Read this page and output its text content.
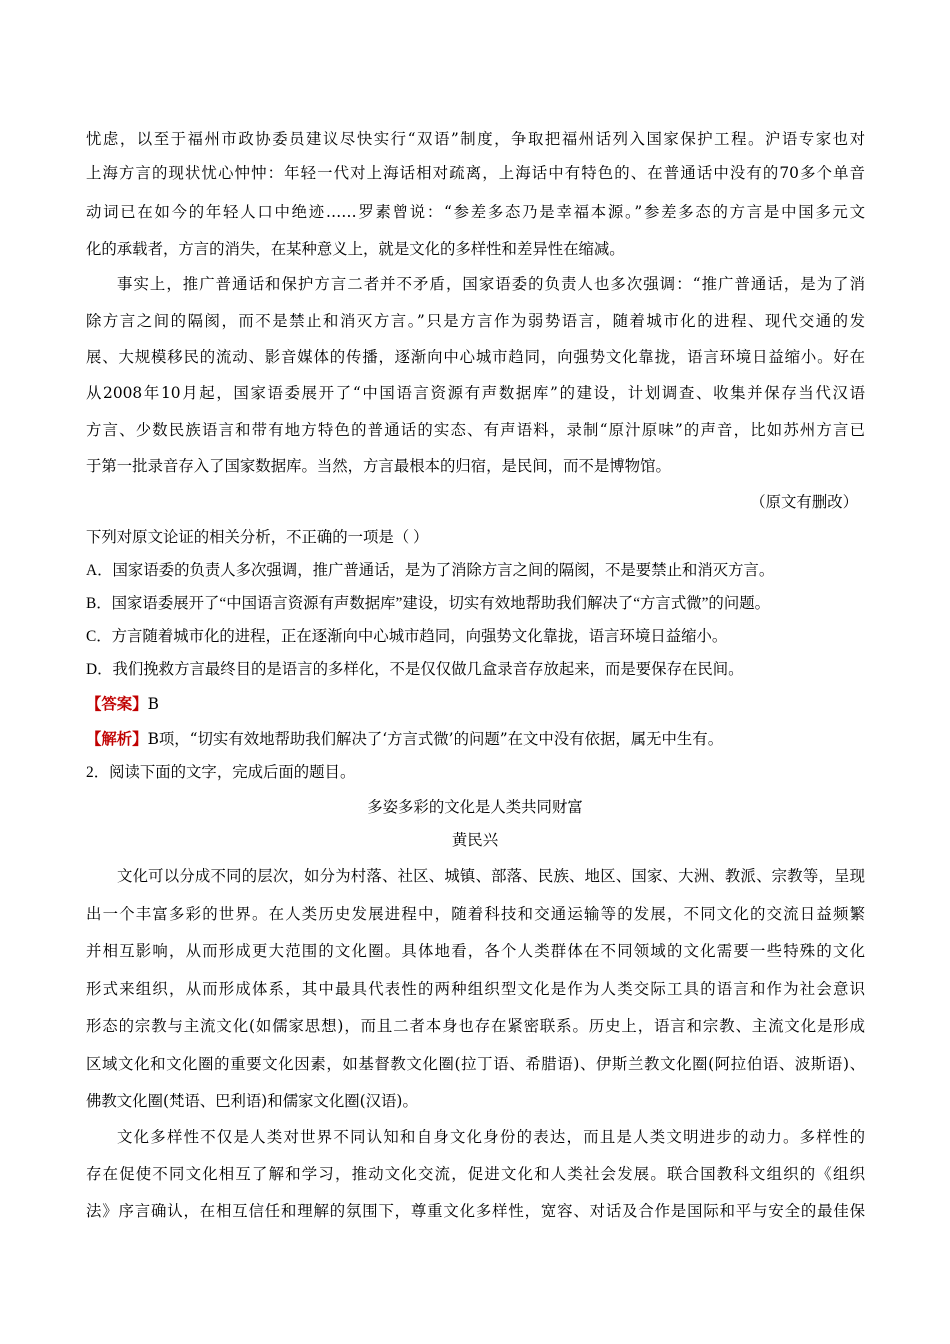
忧虑，以至于福州市政协委员建议尽快实行“双语”制度，争取把福州话列入国家保护工程。沪语专家也对
上海方言的现状忧心忡忡：年轻一代对上海话相对疏离，上海话中有特色的、在普通话中没有的70多个单音
动词已在如今的年轻人口中绝迹……罗素曾说：“参差多态乃是幸福本源。”参差多态的方言是中国多元文
化的承载者，方言的消失，在某种意义上，就是文化的多样性和差异性在缩减。
事实上，推广普通话和保护方言二者并不矛盾，国家语委的负责人也多次强调：“推广普通话，是为了消
除方言之间的隔阂，而不是禁止和消灭方言。”只是方言作为弱势语言，随着城市化的进程、现代交通的发
展、大规模移民的流动、影音媒体的传播，逐渐向中心城市趋同，向强势文化靠拢，语言环境日益缩小。好在
从2008年10月起，国家语委展开了“中国语言资源有声数据库”的建设，计划调查、收集并保存当代汉语
方言、少数民族语言和带有地方特色的普通话的实态、有声语料，录制“原汁原味”的声音，比如苏州方言已
于第一批录音存入了国家数据库。当然，方言最根本的归宿，是民间，而不是博物馆。
（原文有删改）
下列对原文论证的相关分析，不正确的一项是（ ）
A．国家语委的负责人多次强调，推广普通话，是为了消除方言之间的隔阂，不是要禁止和消灭方言。
B．国家语委展开了“中国语言资源有声数据库”建设，切实有效地帮助我们解决了“方言式微”的问题。
C．方言随着城市化的进程，正在逐渐向中心城市趋同，向强势文化靠拢，语言环境日益缩小。
D．我们挽救方言最终目的是语言的多样化，不是仅仅做几盒录音存放起来，而是要保存在民间。
【答案】B
【解析】B项，“切实有效地帮助我们解决了‘方言式微’的问题”在文中没有依据，属无中生有。
2．阅读下面的文字，完成后面的题目。
多姿多彩的文化是人类共同财富
黄民兴
文化可以分成不同的层次，如分为村落、社区、城镇、部落、民族、地区、国家、大洲、教派、宗教等，呈现
出一个丰富多彩的世界。在人类历史发展进程中，随着科技和交通运输等的发展，不同文化的交流日益频繁
并相互影响，从而形成更大范围的文化圈。具体地看，各个人类群体在不同领域的文化需要一些特殊的文化
形式来组织，从而形成体系，其中最具代表性的两种组织型文化是作为人类交际工具的语言和作为社会意识
形态的宗教与主流文化(如儒家思想)，而且二者本身也存在紧密联系。历史上，语言和宗教、主流文化是形成
区域文化和文化圈的重要文化因素，如基督教文化圈(拉丁语、希腊语)、伊斯兰教文化圈(阿拉伯语、波斯语)、
佛教文化圈(梵语、巴利语)和儒家文化圈(汉语)。
文化多样性不仅是人类对世界不同认知和自身文化身份的表达，而且是人类文明进步的动力。多样性的
存在促使不同文化相互了解和学习，推动文化交流，促进文化和人类社会发展。联合国教科文组织的《组织
法》序言确认，在相互信任和理解的氛围下，尊重文化多样性，宽容、对话及合作是国际和平与安全的最佳保
